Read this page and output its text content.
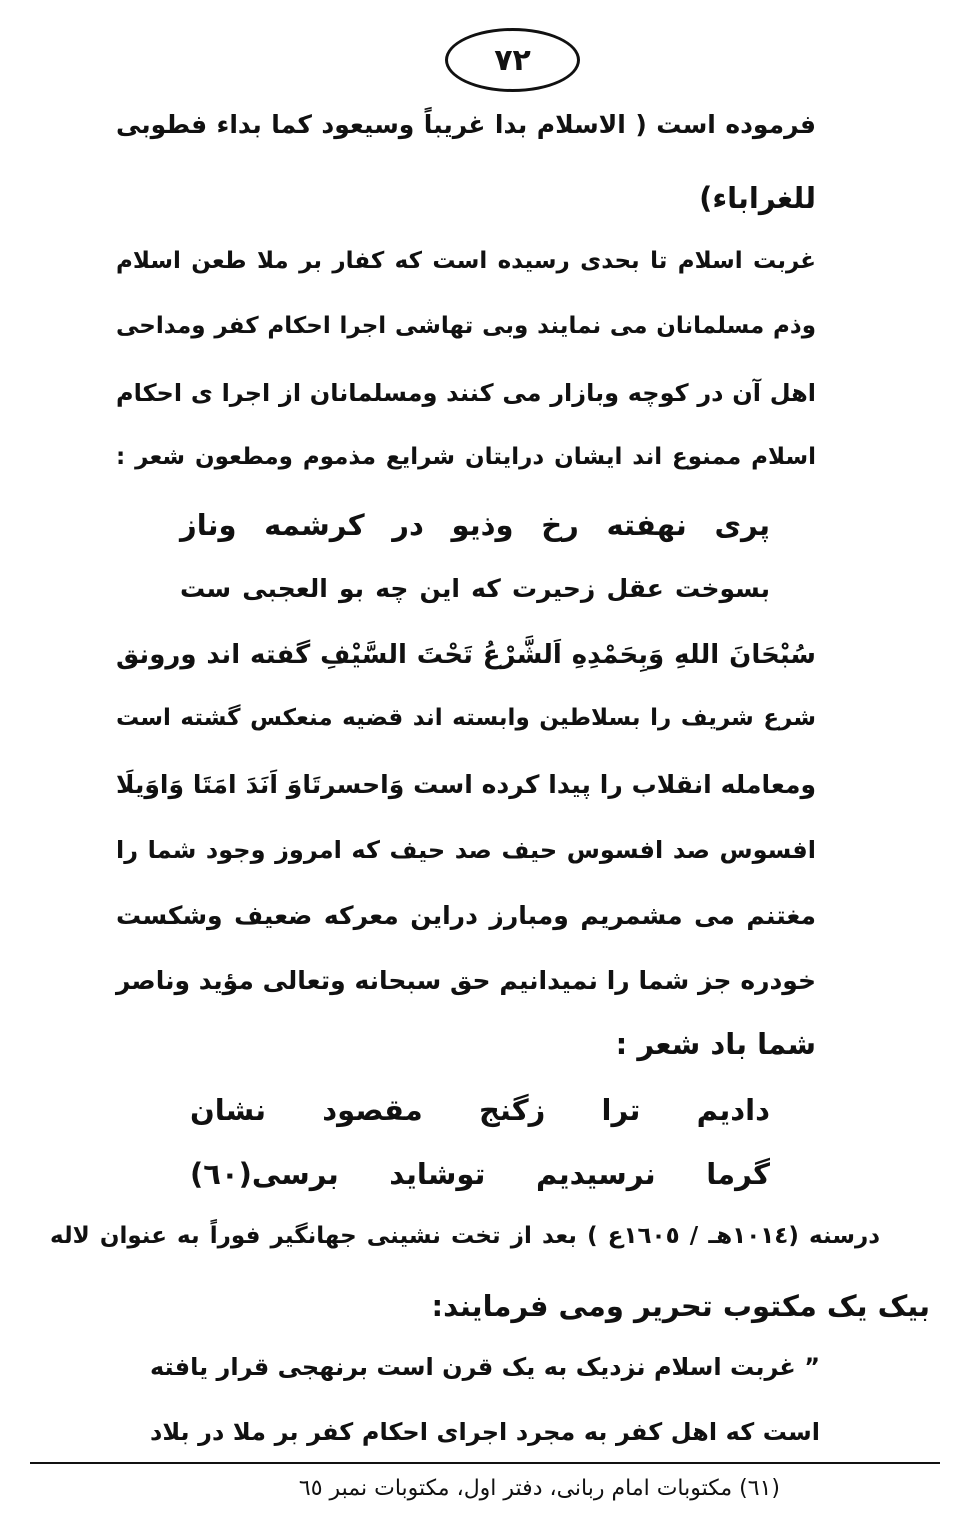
۷۲
فرموده است ( الاسلام بدا غریباً وسیعود کما بداء فطوبی
للغراباء)
غربت اسلام تا بحدی رسیده است که کفار بر ملا طعن اسلام
وذم مسلمانان می نمایند وبی تهاشی اجرا احکام کفر ومداحی
اهل آن در کوچه وبازار می کنند ومسلمانان از اجرا ی احکام
اسلام ممنوع اند ایشان درایتان شرایع مذموم ومطعون شعر :
پری نهفته رخ وذیو در کرشمه وناز
بسوخت عقل زحیرت که این چه بو العجبی ست
سُبْحَانَ اللهِ وَبِحَمْدِهِ اَلشَّرْعُ تَحْتَ السَّيْفِ گفته اند ورونق
شرع شریف را بسلاطین وابسته اند قضیه منعکس گشته است
ومعامله انقلاب را پیدا کرده است وَاحسرتَاوَ اَنَدَ امَتَا وَاوَيلَا
افسوس صد افسوس حیف صد حیف که امروز وجود شما را
مغتنم می مشمریم ومبارز دراین معرکه ضعیف وشکست
خودره جز شما را نمیدانیم حق سبحانه وتعالی مؤید وناصر
شما باد شعر :
دادیم ترا زگنج مقصود نشان
گرما نرسیدیم توشاید برسی(٦٠)
درسنه (١٠١٤هـ / ١٦٠٥ع ) بعد از تخت نشینی جهانگیر فوراً به عنوان لاله
بیک یک مکتوب تحریر ومی فرمایند:
” غربت اسلام نزدیک به یک قرن است برنهجی قرار یافته
است که اهل کفر به مجرد اجرای احکام کفر بر ملا در بلاد
(٦١) مکتوبات امام ربانی، دفتر اول، مکتوبات نمبر ٦٥
